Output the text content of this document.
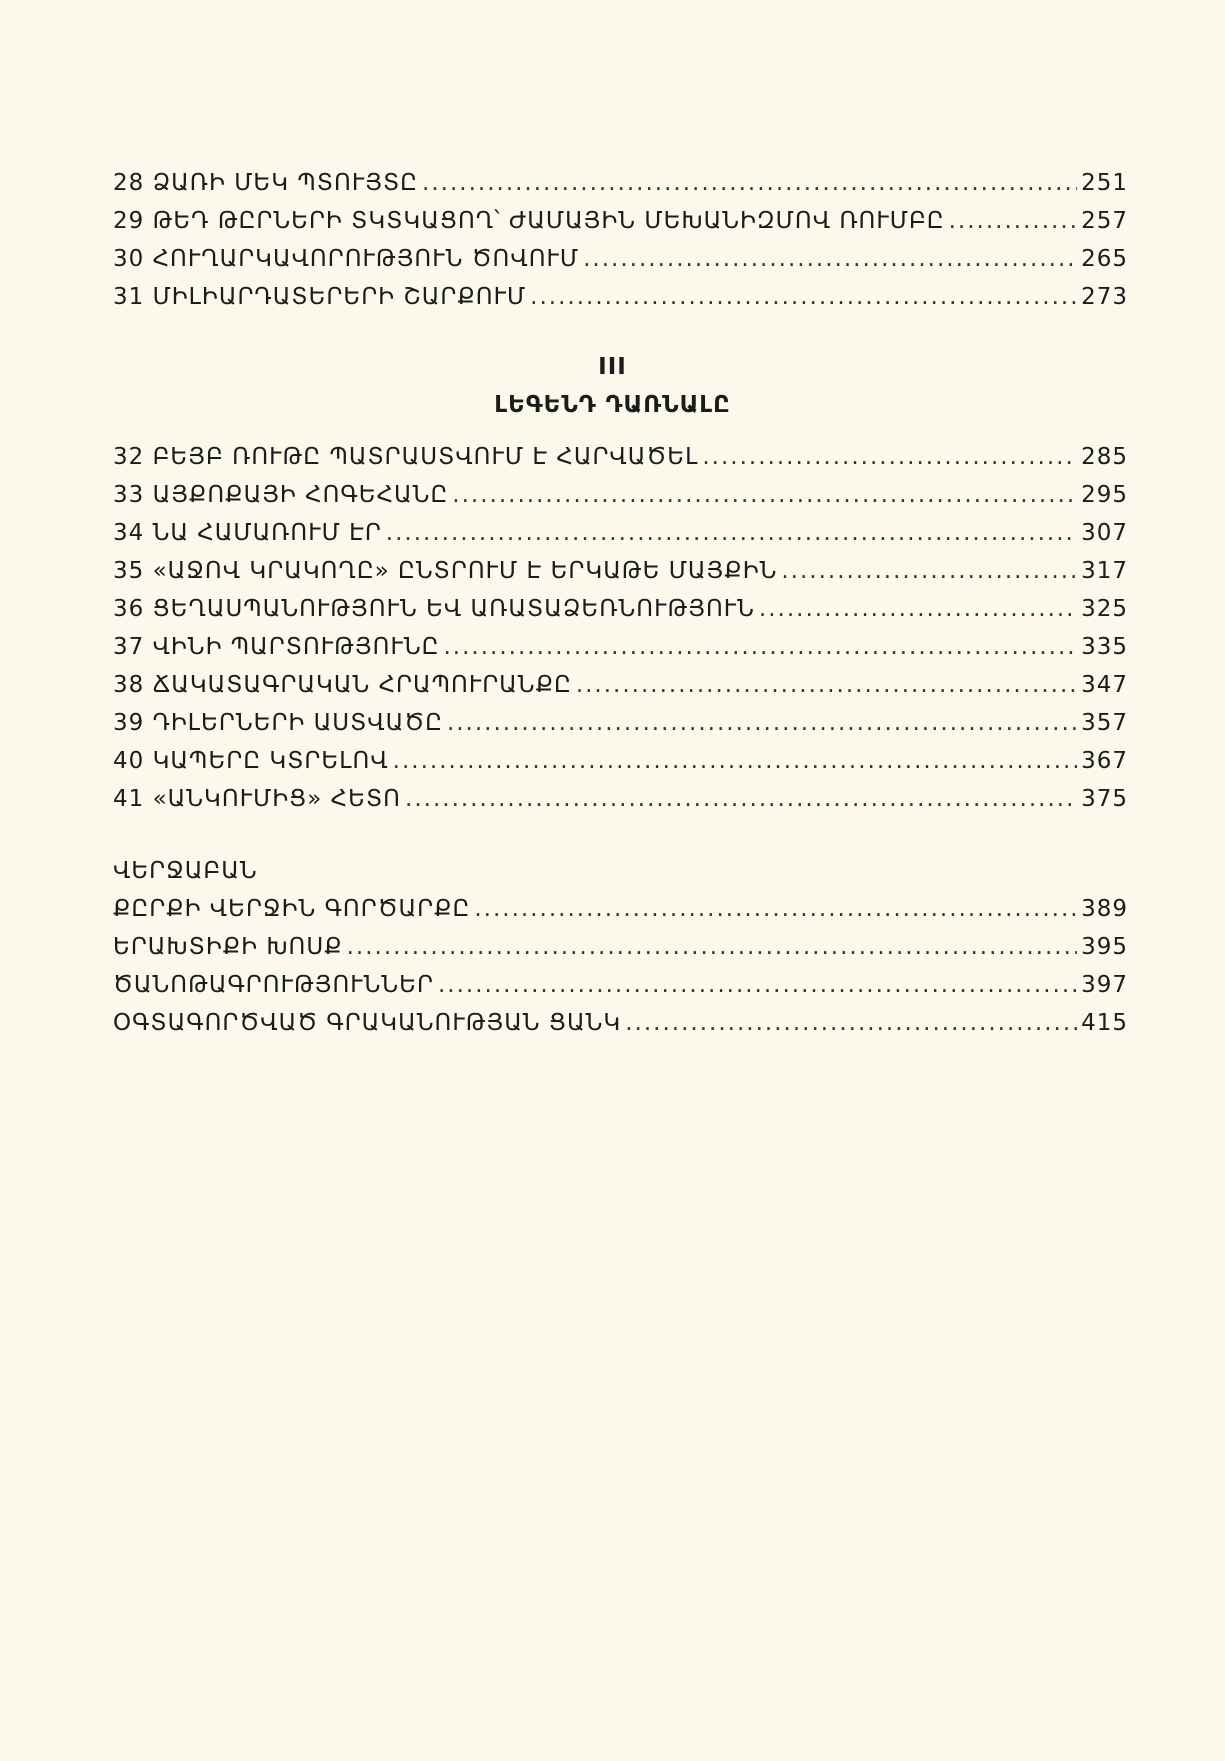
28 ՁԱՌԻ ՄԵԿ ՊՏՈՒՅՏԸ .....	251
29 ԹԵԴ ԹԸՐՆԵՐԻ ՏԿՏԿԱՑՈՂ՝ ԺԱՄԱՅԻՆ ՄԵԽԱՆԻԶՄՈՎ ՌՈՒՄԲԸ .....	257
30 ՀՈՒՂԱՐԿԱՎՈՐՈՒԹՅՈՒՆ ԾՈՎՈՒՄ .....	265
31 ՄԻԼԻԱՐԴԱՏԵՐԵՐԻ ՇԱՐՔՈՒՄ .....	273
III
ԼԵԳԵՆԴ ԴԱՌՆԱԼԸ
32 ԲԵՅԲ ՌՈՒԹԸ ՊԱՏՐԱՍՏՎՈՒՄ Է ՀԱՐՎԱԾԵԼ .....	285
33 ԱՅՔՈՔԱՅԻ ՀՈԳԵՀԱՆԸ .....	295
34 ՆԱ ՀԱՄԱՌՈՒՄ ԷՐ .....	307
35 «ԱՋՈՎ ԿՐԱԿՈՂԸ» ԸՆՏՐՈՒՄ Է ԵՐԿԱԹԵ ՄԱՅՔԻՆ .....	317
36 ՑԵՂԱՍՊԱՆՈՒԹՅՈՒՆ ԵՎ ԱՌԱՏԱՁԵՌՆՈՒԹՅՈՒՆ .....	325
37 ՎԻՆԻ ՊԱՐՏՈՒԹՅՈՒՆԸ .....	335
38 ՃԱԿԱՏԱԳՐԱԿԱՆ ՀՐԱՊՈՒՐԱՆՔԸ .....	347
39 ԴԻԼԵՐՆԵՐԻ ԱՍՏՎԱԾԸ .....	357
40 ԿԱՊԵՐԸ ԿՏՐԵԼՈՎ .....	367
41 «ԱՆԿՈՒՄԻՑ» ՀԵՏՈ .....	375
ՎԵՐՋԱԲԱՆ
ՔԸՐՔԻ ՎԵՐՋԻՆ ԳՈՐԾԱՐՔԸ .....	389
ԵՐԱԽՏԻՔԻ ԽՈՍՔ .....	395
ԾԱՆՈԹԱԳՐՈՒԹՅՈՒՆՆԵՐ .....	397
ՕԳՏԱԳՈՐԾՎԱԾ ԳՐԱԿԱՆՈՒԹՅԱՆ ՑԱՆԿ .....	415
